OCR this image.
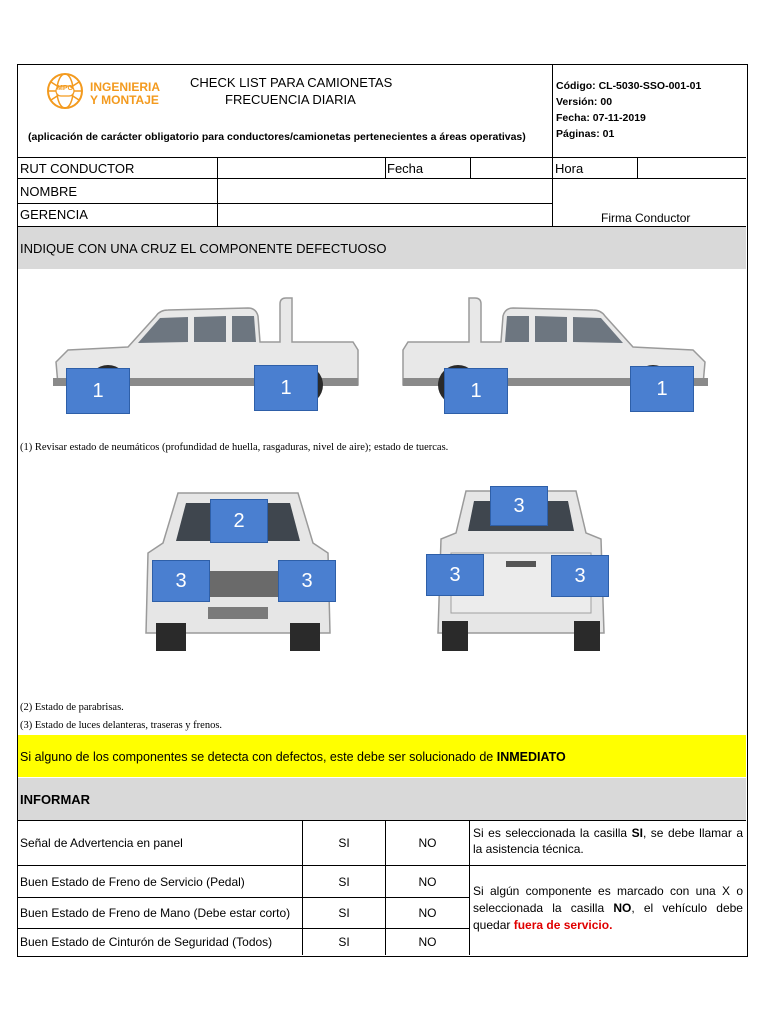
MPG INGENIERIA
Y MONTAJE
CHECK LIST PARA CAMIONETAS
FRECUENCIA DIARIA
(aplicación de carácter obligatorio para conductores/camionetas pertenecientes a áreas operativas)
Código: CL-5030-SSO-001-01
Versión: 00
Fecha: 07-11-2019
Páginas: 01
RUT CONDUCTOR	Fecha	Hora
NOMBRE
GERENCIA	Firma Conductor
INDIQUE CON UNA CRUZ EL COMPONENTE DEFECTUOSO
1	1	1	1
(1) Revisar estado de neumáticos (profundidad de huella, rasgaduras, nivel de aire); estado de tuercas.
2
3	3
3
3	3
(2) Estado de parabrisas.
(3) Estado de luces delanteras, traseras y frenos.
Si alguno de los componentes se detecta con defectos, este debe ser solucionado de INMEDIATO
INFORMAR
Señal de Advertencia en panel	SI	NO
Buen Estado de Freno de Servicio (Pedal)	SI	NO
Buen Estado de Freno de Mano (Debe estar corto)	SI	NO
Buen Estado de Cinturón de Seguridad (Todos)	SI	NO
Si es seleccionada la casilla SI, se debe llamar a la asistencia técnica.
Si algún componente es marcado con una X o seleccionada la casilla NO, el vehículo debe quedar fuera de servicio.
